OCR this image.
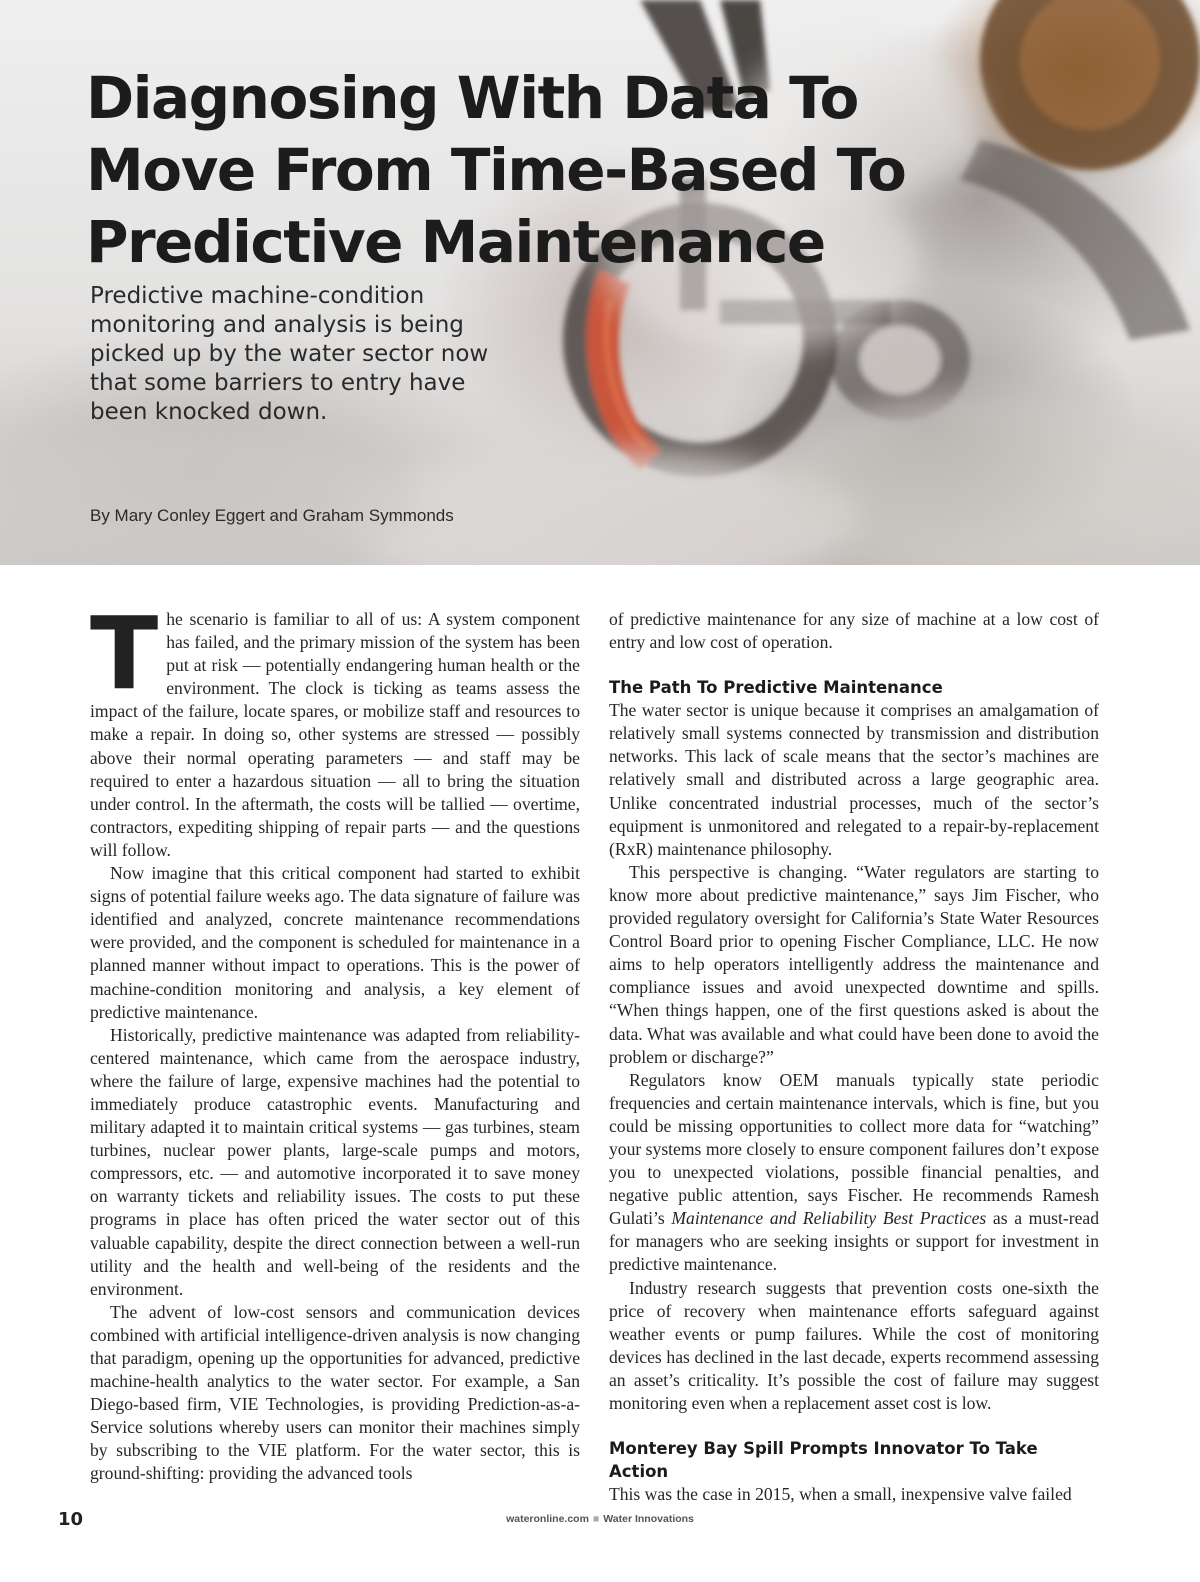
Diagnosing With Data To Move From Time-Based To Predictive Maintenance

Predictive machine-condition monitoring and analysis is being picked up by the water sector now that some barriers to entry have been knocked down.

By Mary Conley Eggert and Graham Symmonds

The scenario is familiar to all of us: A system component has failed, and the primary mission of the system has been put at risk — potentially endangering human health or the environment. The clock is ticking as teams assess the impact of the failure, locate spares, or mobilize staff and resources to make a repair. In doing so, other systems are stressed — possibly above their normal operating parameters — and staff may be required to enter a hazardous situation — all to bring the situation under control. In the aftermath, the costs will be tallied — overtime, contractors, expediting shipping of repair parts — and the questions will follow.

Now imagine that this critical component had started to exhibit signs of potential failure weeks ago. The data signature of failure was identified and analyzed, concrete maintenance recommendations were provided, and the component is scheduled for maintenance in a planned manner without impact to operations. This is the power of machine-condition monitoring and analysis, a key element of predictive maintenance.

Historically, predictive maintenance was adapted from reliability-centered maintenance, which came from the aerospace industry, where the failure of large, expensive machines had the potential to immediately produce catastrophic events. Manufacturing and military adapted it to maintain critical systems — gas turbines, steam turbines, nuclear power plants, large-scale pumps and motors, compressors, etc. — and automotive incorporated it to save money on warranty tickets and reliability issues. The costs to put these programs in place has often priced the water sector out of this valuable capability, despite the direct connection between a well-run utility and the health and well-being of the residents and the environment.

The advent of low-cost sensors and communication devices combined with artificial intelligence-driven analysis is now changing that paradigm, opening up the opportunities for advanced, predictive machine-health analytics to the water sector. For example, a San Diego-based firm, VIE Technologies, is providing Prediction-as-a-Service solutions whereby users can monitor their machines simply by subscribing to the VIE platform. For the water sector, this is ground-shifting: providing the advanced tools

of predictive maintenance for any size of machine at a low cost of entry and low cost of operation.

The Path To Predictive Maintenance

The water sector is unique because it comprises an amalgamation of relatively small systems connected by transmission and distribution networks. This lack of scale means that the sector’s machines are relatively small and distributed across a large geographic area. Unlike concentrated industrial processes, much of the sector’s equipment is unmonitored and relegated to a repair-by-replacement (RxR) maintenance philosophy.

This perspective is changing. “Water regulators are starting to know more about predictive maintenance,” says Jim Fischer, who provided regulatory oversight for California’s State Water Resources Control Board prior to opening Fischer Compliance, LLC. He now aims to help operators intelligently address the maintenance and compliance issues and avoid unexpected downtime and spills. “When things happen, one of the first questions asked is about the data. What was available and what could have been done to avoid the problem or discharge?”

Regulators know OEM manuals typically state periodic frequencies and certain maintenance intervals, which is fine, but you could be missing opportunities to collect more data for “watching” your systems more closely to ensure component failures don’t expose you to unexpected violations, possible financial penalties, and negative public attention, says Fischer. He recommends Ramesh Gulati’s Maintenance and Reliability Best Practices as a must-read for managers who are seeking insights or support for investment in predictive maintenance.

Industry research suggests that prevention costs one-sixth the price of recovery when maintenance efforts safeguard against weather events or pump failures. While the cost of monitoring devices has declined in the last decade, experts recommend assessing an asset’s criticality. It’s possible the cost of failure may suggest monitoring even when a replacement asset cost is low.

Monterey Bay Spill Prompts Innovator To Take Action

This was the case in 2015, when a small, inexpensive valve failed

10	wateronline.com ■ Water Innovations
